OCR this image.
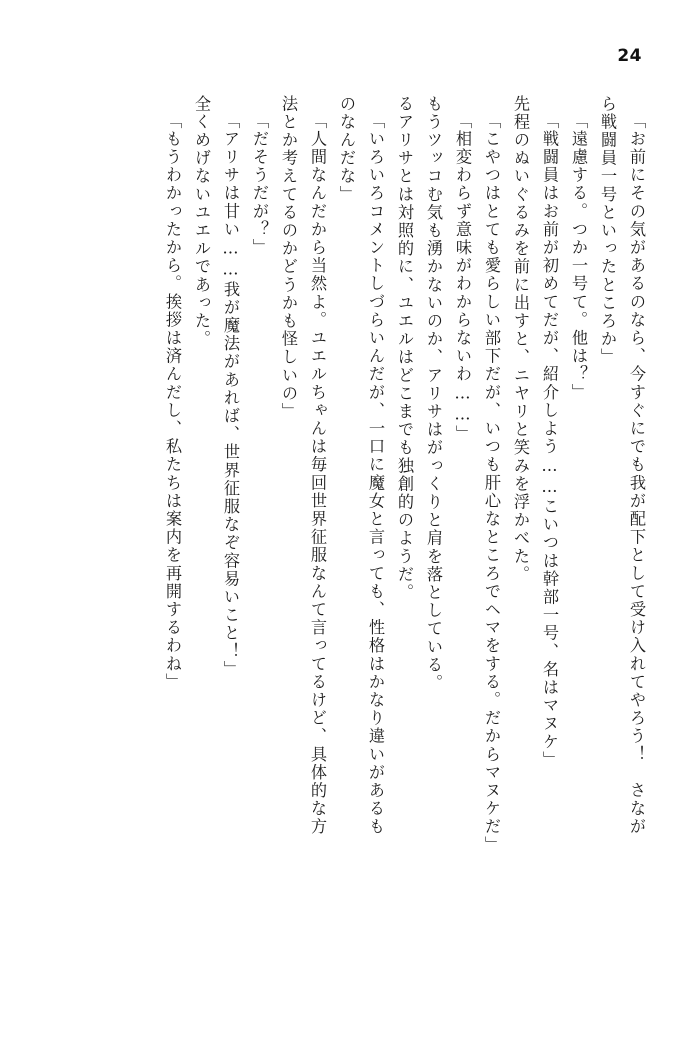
24
「お前にその気があるのなら、今すぐにでも我が配下として受け入れてやろう！　さなが
ら戦闘員一号といったところか」
「遠慮する。つか一号て。他は？」
「戦闘員はお前が初めてだが、紹介しよう……こいつは幹部一号、名はマヌケ」
先程のぬいぐるみを前に出すと、ニヤリと笑みを浮かべた。
「こやつはとても愛らしい部下だが、いつも肝心なところでヘマをする。だからマヌケだ」
「相変わらず意味がわからないわ……」
もうツッコむ気も湧かないのか、アリサはがっくりと肩を落としている。
るアリサとは対照的に、ユエルはどこまでも独創的のようだ。
「いろいろコメントしづらいんだが、一口に魔女と言っても、性格はかなり違いがあるも
のなんだな」
「人間なんだから当然よ。ユエルちゃんは毎回世界征服なんて言ってるけど、具体的な方
法とか考えてるのかどうかも怪しいの」
「だそうだが？」
「アリサは甘い……我が魔法があれば、世界征服なぞ容易いこと！」
全くめげないユエルであった。
「もうわかったから。挨拶は済んだし、私たちは案内を再開するわね」
